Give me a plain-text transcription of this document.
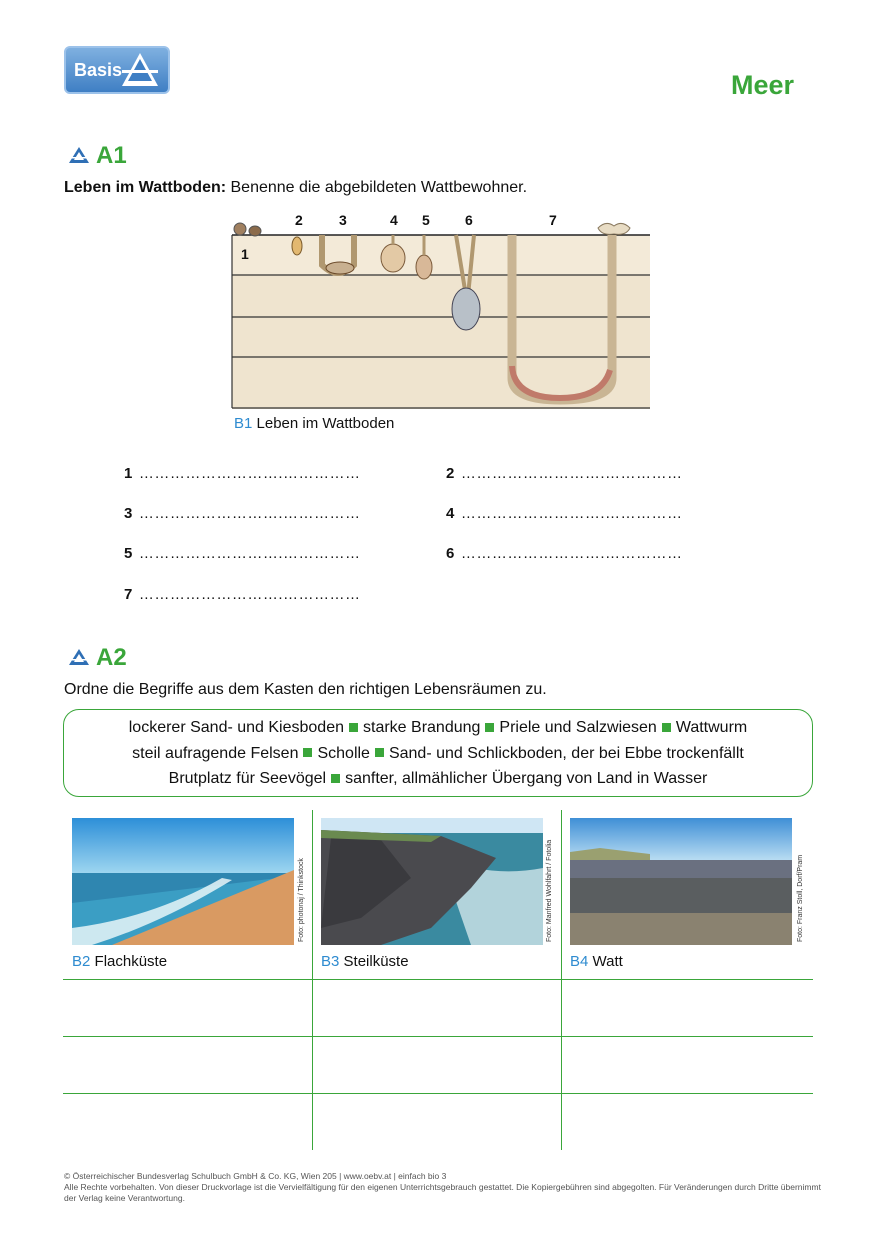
Basis	Meer
A1
Leben im Wattboden: Benenne die abgebildeten Wattbewohner.
1
2	3	4 5	6	7
B1 Leben im Wattboden
1 ……………………….……………	2 ……………………….……………
3 ……………………….……………	4 ……………………….……………
5 ……………………….……………	6 ……………………….……………
7 ……………………….……………
A2
Ordne die Begriffe aus dem Kasten den richtigen Lebensräumen zu.
lockerer Sand- und Kiesboden starke Brandung Priele und Salzwiesen Wattwurm
steil aufragende Felsen Scholle Sand- und Schlickboden, der bei Ebbe trockenfällt
Brutplatz für Seevögel sanfter, allmählicher Übergang von Land in Wasser
Foto: photonaj / Thinkstock	Foto: Manfred Wohlfahrt / Fotolia	Foto: Franz Stoll, Dorf/Pram
B2 Flachküste	B3 Steilküste	B4 Watt
© Österreichischer Bundesverlag Schulbuch GmbH & Co. KG, Wien 205 | www.oebv.at | einfach bio 3
Alle Rechte vorbehalten. Von dieser Druckvorlage ist die Vervielfältigung für den eigenen Unterrichtsgebrauch gestattet. Die Kopiergebühren sind abgegolten. Für Veränderungen durch Dritte übernimmt der Verlag keine Verantwortung.
